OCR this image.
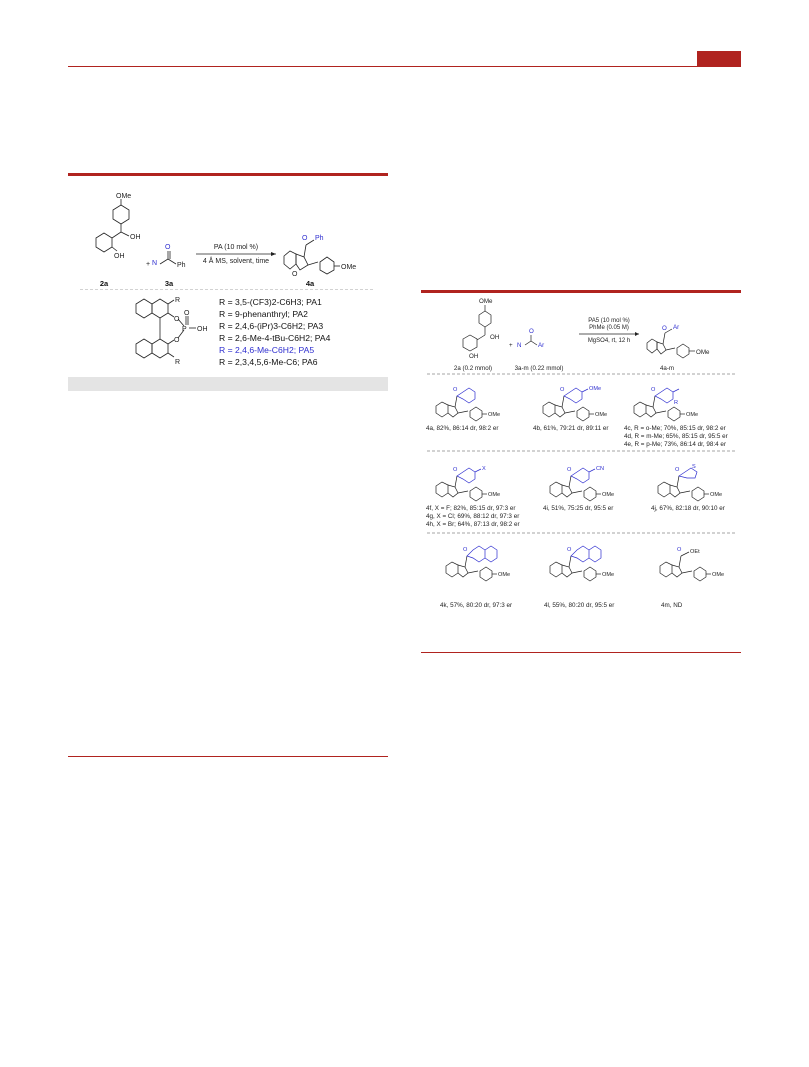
OMe
OH
OH
+ N
O
Ph
O Ph
O
OMe
PA (10 mol %)
4 Å MS, solvent, time
2a	3a	4a
R
O
P
O
OH
O
R
R = 3,5-(CF3)2-C6H3; PA1
R = 9-phenanthryl; PA2
R = 2,4,6-(iPr)3-C6H2; PA3
R = 2,6-Me-4-tBu-C6H2; PA4
R = 2,4,6-Me-C6H2; PA5
R = 2,3,4,5,6-Me-C6; PA6
OMe
OH
OH
+ N
O
Ar
O Ar
OMe
PA5 (10 mol %)
PhMe (0.05 M)
MgSO4, rt, 12 h
2a (0.2 mmol)	3a-m (0.22 mmol)	4a-m
O
OMe
O
OMe
OMe	O
OMe
R
O
OMe
X	O
OMe
CN	O
OMe
S
O
OMe
O
OMe
O
OMe
OEt
4a, 82%, 86:14 dr, 98:2 er	4b, 61%, 79:21 dr, 89:11 er 4c, R = o-Me; 70%, 85:15 dr, 98:2 er
4d, R = m-Me; 65%, 85:15 dr, 95:5 er
4e, R = p-Me; 73%, 86:14 dr, 98:4 er
4f, X = F; 82%, 85:15 dr, 97:3 er
4g, X = Cl; 69%, 88:12 dr, 97:3 er
4h, X = Br; 64%, 87:13 dr, 98:2 er
4i, 51%, 75:25 dr, 95:5 er	4j, 67%, 82:18 dr, 90:10 er
4k, 57%, 80:20 dr, 97:3 er	4l, 55%, 80:20 dr, 95:5 er	4m, ND
